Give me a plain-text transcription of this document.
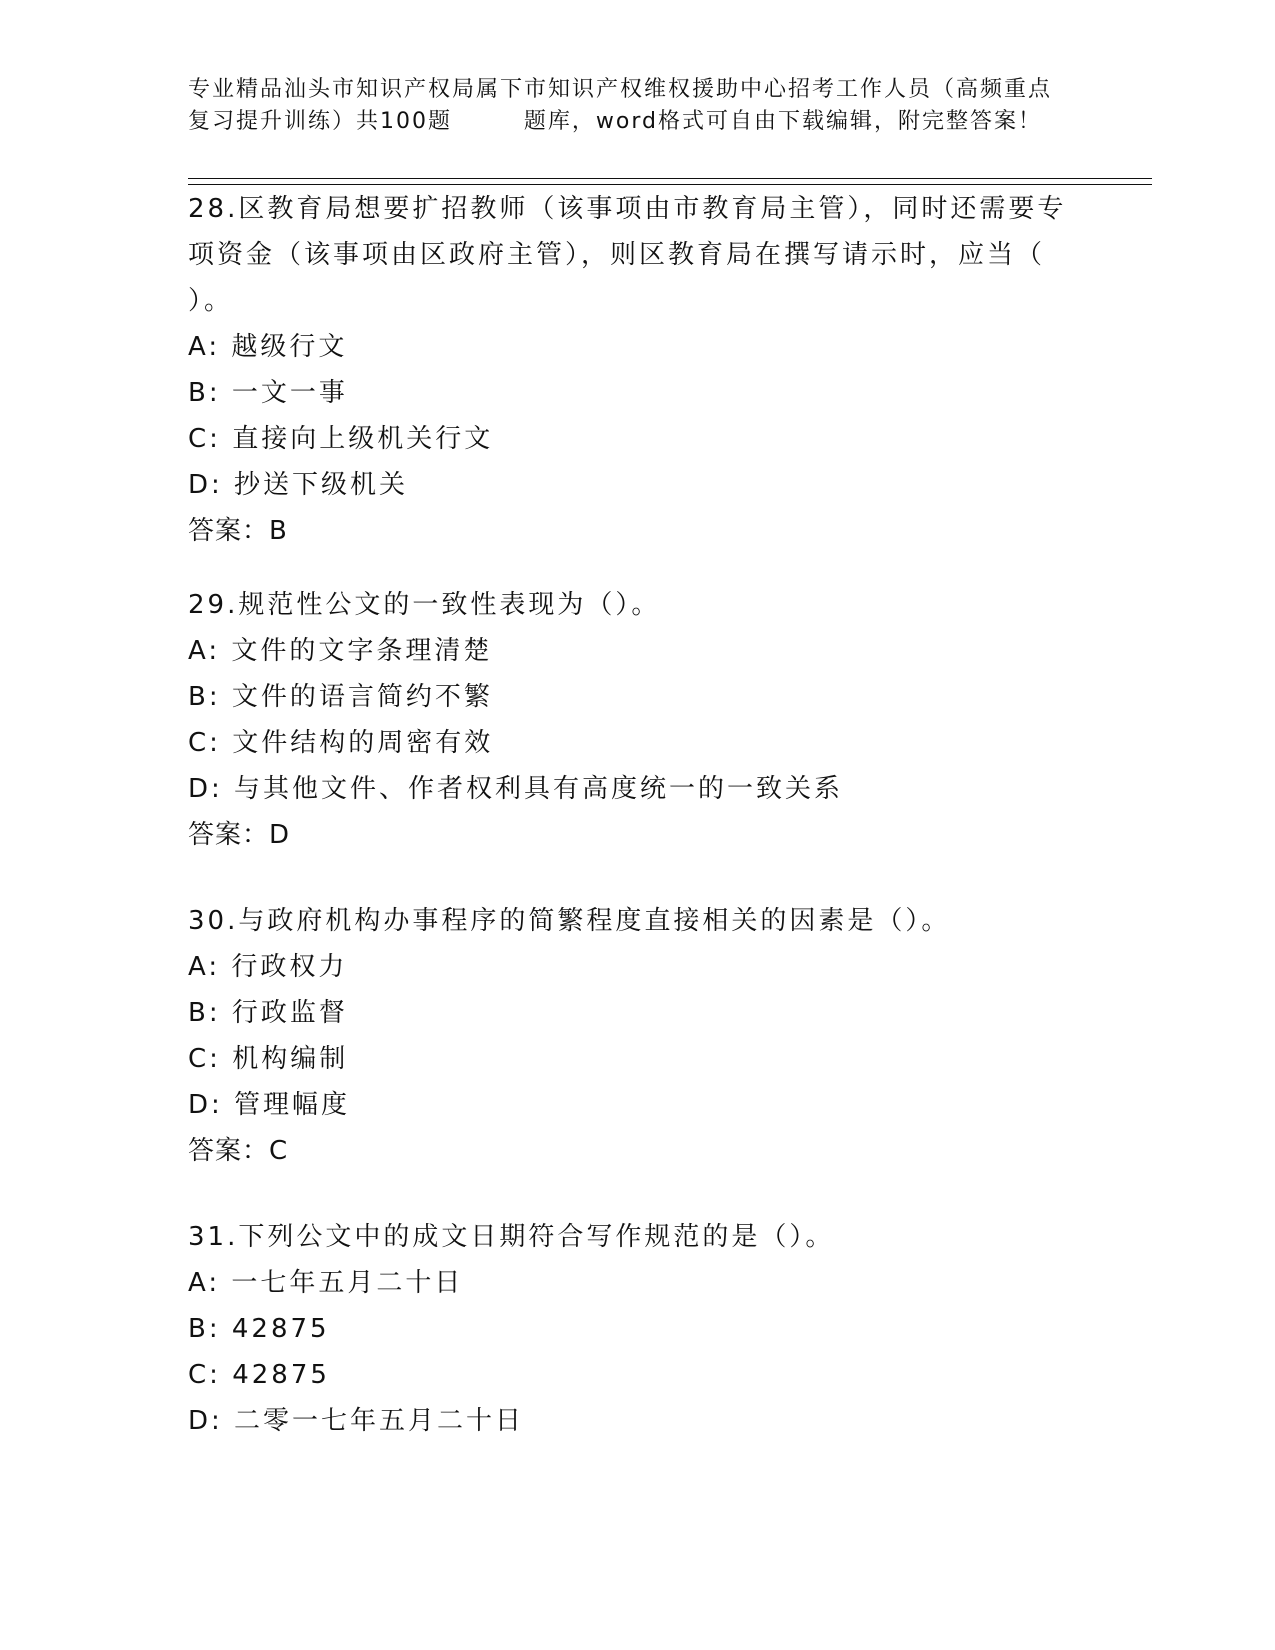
专业精品汕头市知识产权局属下市知识产权维权援助中心招考工作人员（高频重点
复习提升训练）共100题        题库，word格式可自由下载编辑，附完整答案！
28.区教育局想要扩招教师（该事项由市教育局主管），同时还需要专
项资金（该事项由区政府主管），则区教育局在撰写请示时，应当（
）。

A: 越级行文

B: 一文一事

C: 直接向上级机关行文

D: 抄送下级机关

答案：B

29.规范性公文的一致性表现为（）。

A: 文件的文字条理清楚

B: 文件的语言简约不繁

C: 文件结构的周密有效

D: 与其他文件、作者权利具有高度统一的一致关系

答案：D

30.与政府机构办事程序的简繁程度直接相关的因素是（）。

A: 行政权力

B: 行政监督

C: 机构编制

D: 管理幅度

答案：C

31.下列公文中的成文日期符合写作规范的是（）。

A: 一七年五月二十日

B: 42875

C: 42875

D: 二零一七年五月二十日
